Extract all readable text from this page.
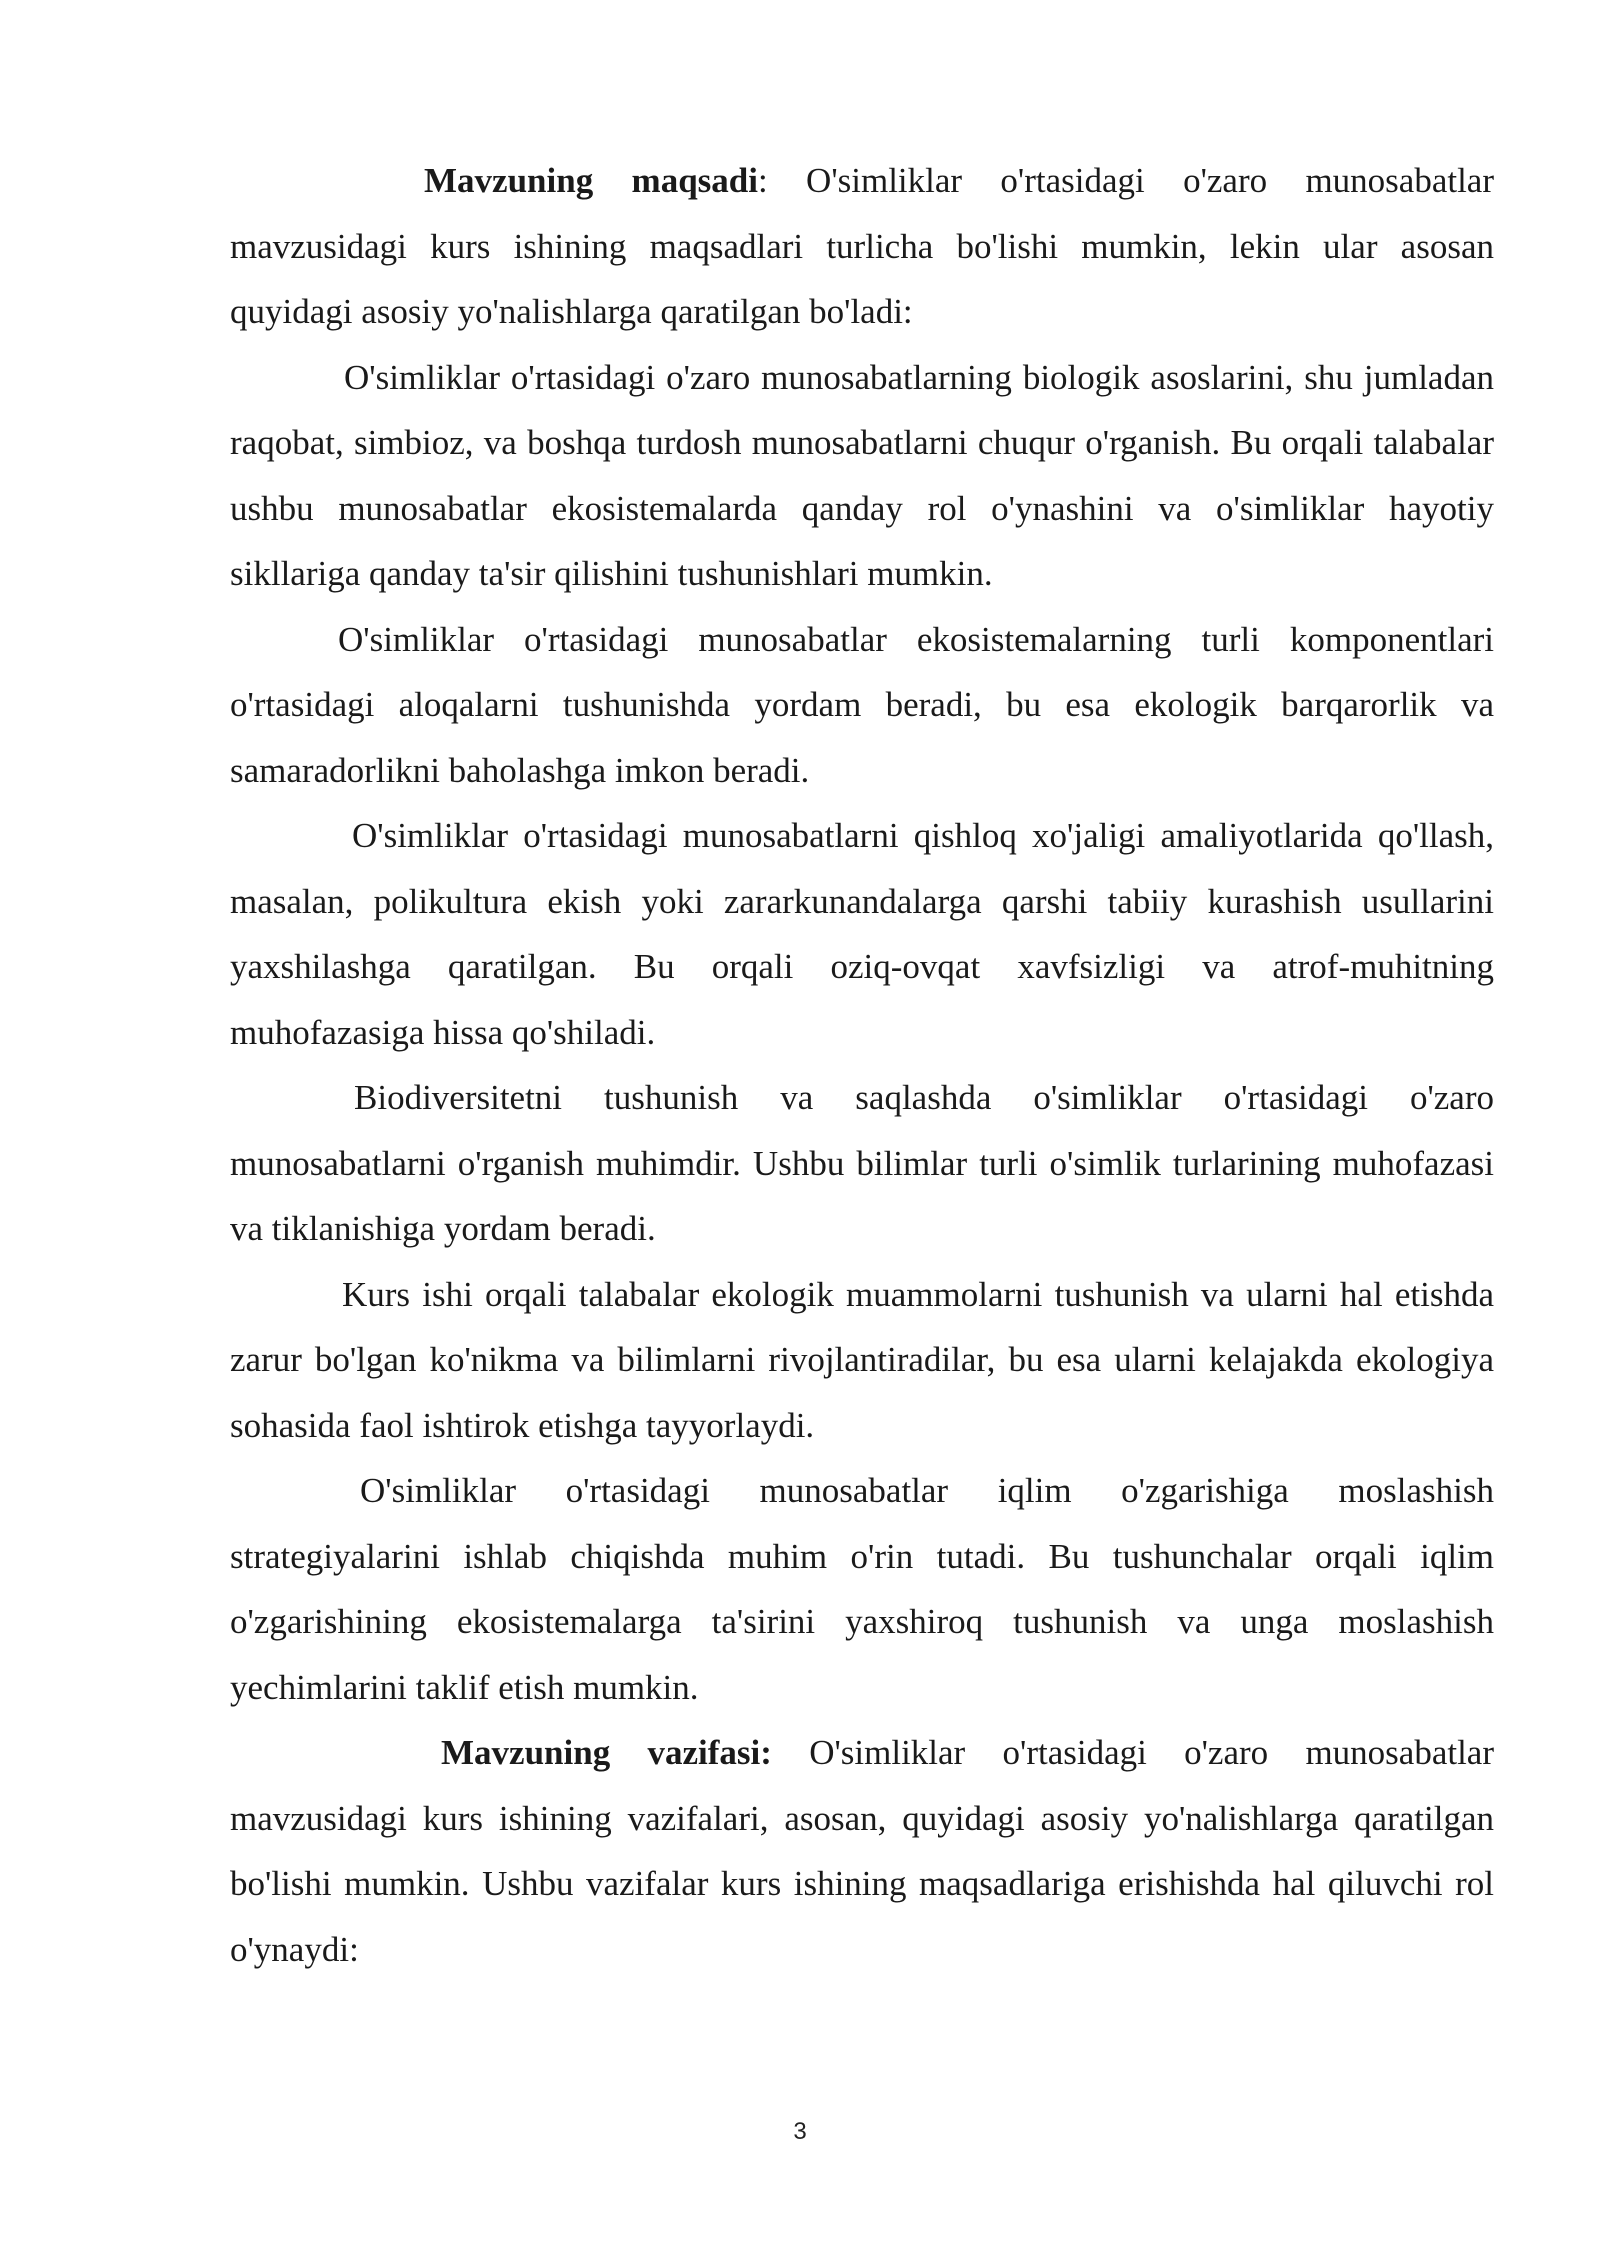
Mavzuning maqsadi: O'simliklar o'rtasidagi o'zaro munosabatlar mavzusidagi kurs ishining maqsadlari turlicha bo'lishi mumkin, lekin ular asosan quyidagi asosiy yo'nalishlarga qaratilgan bo'ladi:

O'simliklar o'rtasidagi o'zaro munosabatlarning biologik asoslarini, shu jumladan raqobat, simbioz, va boshqa turdosh munosabatlarni chuqur o'rganish. Bu orqali talabalar ushbu munosabatlar ekosistemalarda qanday rol o'ynashini va o'simliklar hayotiy sikllariga qanday ta'sir qilishini tushunishlari mumkin.

O'simliklar o'rtasidagi munosabatlar ekosistemalarning turli komponentlari o'rtasidagi aloqalarni tushunishda yordam beradi, bu esa ekologik barqarorlik va samaradorlikni baholashga imkon beradi.

O'simliklar o'rtasidagi munosabatlarni qishloq xo'jaligi amaliyotlarida qo'llash, masalan, polikultura ekish yoki zararkunandalarga qarshi tabiiy kurashish usullarini yaxshilashga qaratilgan. Bu orqali oziq-ovqat xavfsizligi va atrof-muhitning muhofazasiga hissa qo'shiladi.

Biodiversitetni tushunish va saqlashda o'simliklar o'rtasidagi o'zaro munosabatlarni o'rganish muhimdir. Ushbu bilimlar turli o'simlik turlarining muhofazasi va tiklanishiga yordam beradi.

Kurs ishi orqali talabalar ekologik muammolarni tushunish va ularni hal etishda zarur bo'lgan ko'nikma va bilimlarni rivojlantiradilar, bu esa ularni kelajakda ekologiya sohasida faol ishtirok etishga tayyorlaydi.

O'simliklar o'rtasidagi munosabatlar iqlim o'zgarishiga moslashish strategiyalarini ishlab chiqishda muhim o'rin tutadi. Bu tushunchalar orqali iqlim o'zgarishining ekosistemalarga ta'sirini yaxshiroq tushunish va unga moslashish yechimlarini taklif etish mumkin.

Mavzuning vazifasi: O'simliklar o'rtasidagi o'zaro munosabatlar mavzusidagi kurs ishining vazifalari, asosan, quyidagi asosiy yo'nalishlarga qaratilgan bo'lishi mumkin. Ushbu vazifalar kurs ishining maqsadlariga erishishda hal qiluvchi rol o'ynaydi:

3
